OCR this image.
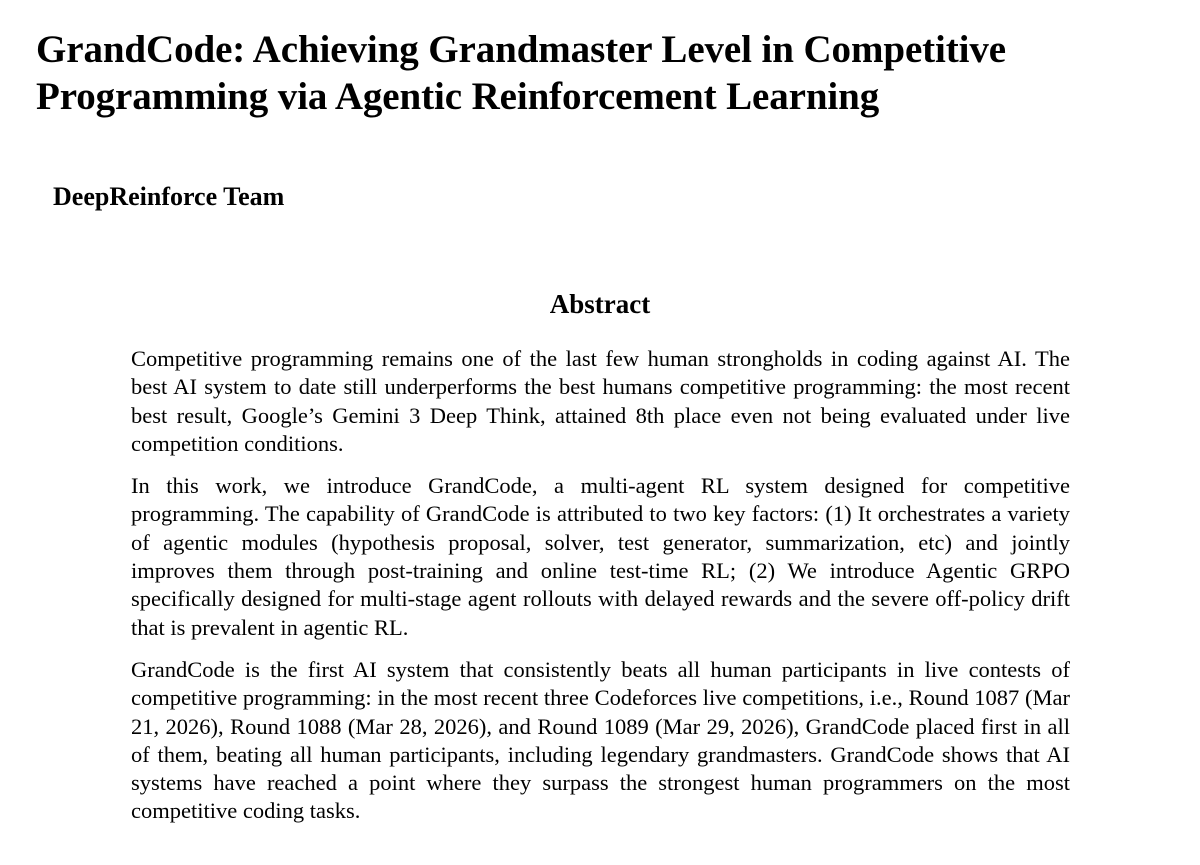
GrandCode: Achieving Grandmaster Level in Competitive Programming via Agentic Reinforcement Learning

DeepReinforce Team

Abstract

Competitive programming remains one of the last few human strongholds in coding against AI. The best AI system to date still underperforms the best humans competitive programming: the most recent best result, Google’s Gemini 3 Deep Think, attained 8th place even not being evaluated under live competition conditions.

In this work, we introduce GrandCode, a multi-agent RL system designed for competitive programming. The capability of GrandCode is attributed to two key factors: (1) It orchestrates a variety of agentic modules (hypothesis proposal, solver, test generator, summarization, etc) and jointly improves them through post-training and online test-time RL; (2) We introduce Agentic GRPO specifically designed for multi-stage agent rollouts with delayed rewards and the severe off-policy drift that is prevalent in agentic RL.

GrandCode is the first AI system that consistently beats all human participants in live contests of competitive programming: in the most recent three Codeforces live competitions, i.e., Round 1087 (Mar 21, 2026), Round 1088 (Mar 28, 2026), and Round 1089 (Mar 29, 2026), GrandCode placed first in all of them, beating all human participants, including legendary grandmasters. GrandCode shows that AI systems have reached a point where they surpass the strongest human programmers on the most competitive coding tasks.
